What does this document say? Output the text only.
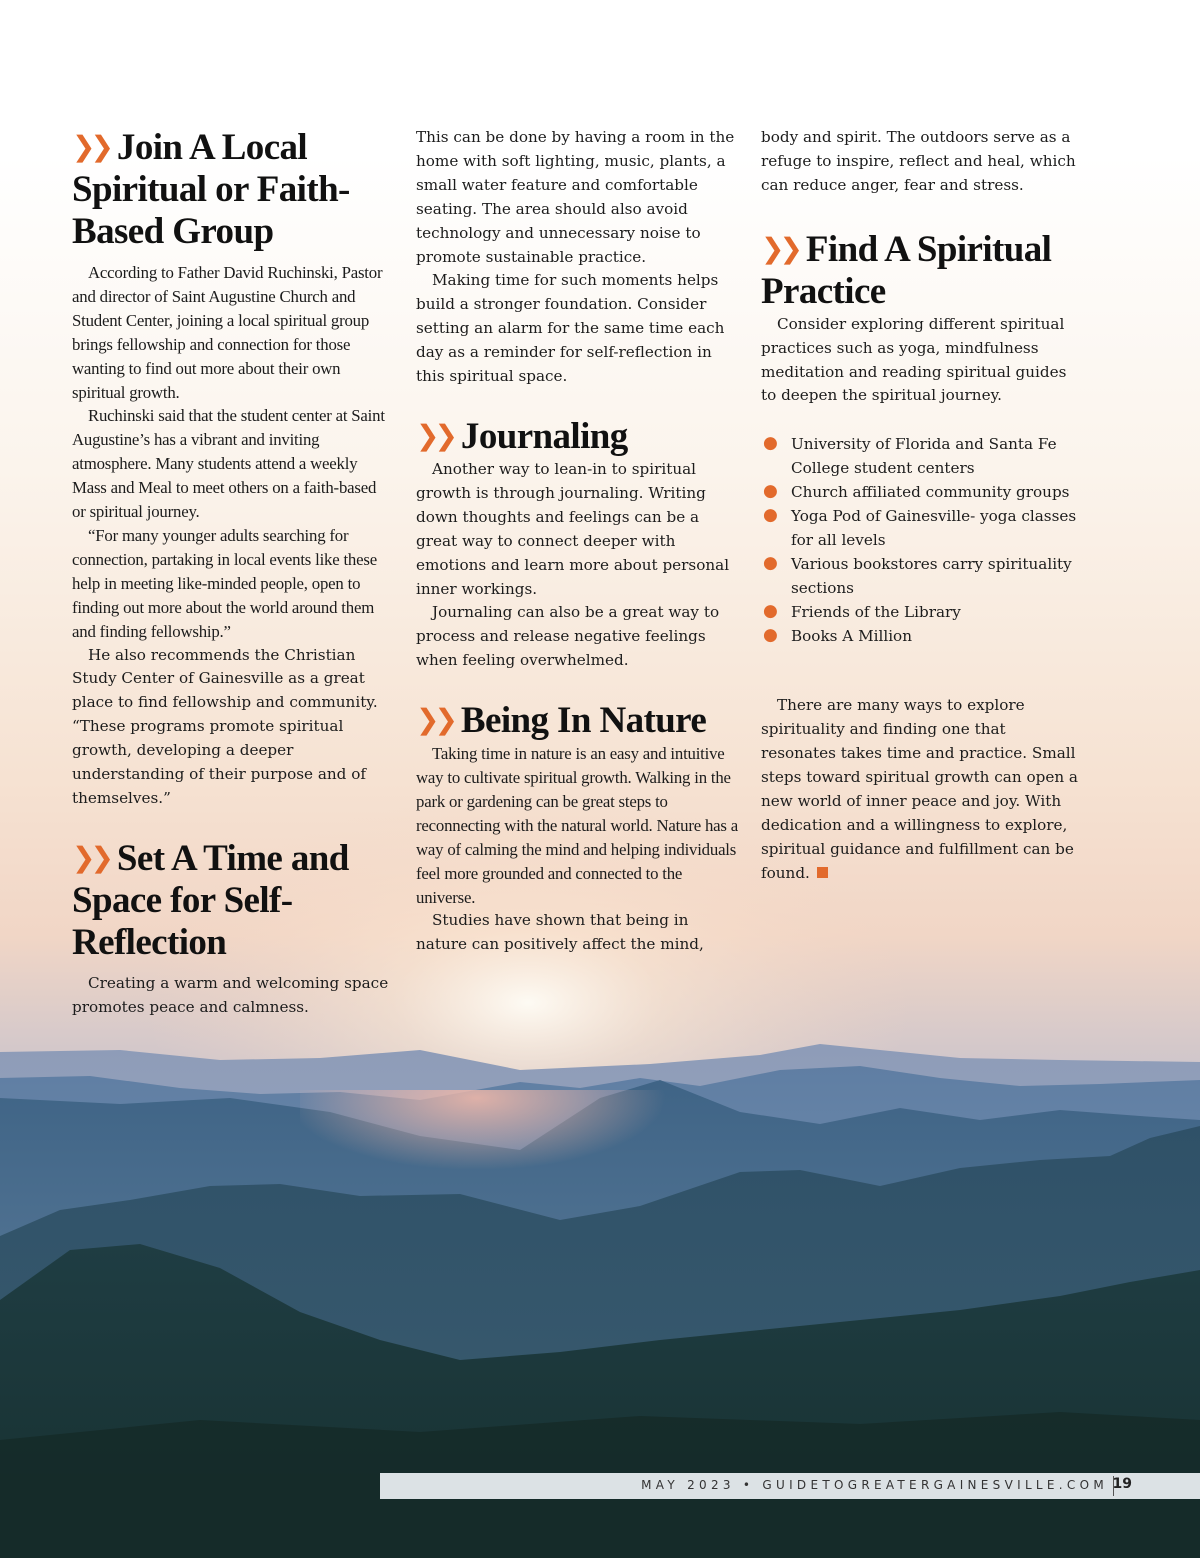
❯❯ Join A Local Spiritual or Faith-Based Group

According to Father David Ruchinski, Pastor and director of Saint Augustine Church and Student Center, joining a local spiritual group brings fellowship and connection for those wanting to find out more about their own spiritual growth.

Ruchinski said that the student center at Saint Augustine’s has a vibrant and inviting atmosphere. Many students attend a weekly Mass and Meal to meet others on a faith-based or spiritual journey.

“For many younger adults searching for connection, partaking in local events like these help in meeting like-minded people, open to finding out more about the world around them and finding fellowship.”

He also recommends the Christian Study Center of Gainesville as a great place to find fellowship and community. “These programs promote spiritual growth, developing a deeper understanding of their purpose and of themselves.”

❯❯ Set A Time and Space for Self-Reflection

Creating a warm and welcoming space promotes peace and calmness.

This can be done by having a room in the home with soft lighting, music, plants, a small water feature and comfortable seating. The area should also avoid technology and unnecessary noise to promote sustainable practice.

Making time for such moments helps build a stronger foundation. Consider setting an alarm for the same time each day as a reminder for self-reflection in this spiritual space.

❯❯ Journaling

Another way to lean-in to spiritual growth is through journaling. Writing down thoughts and feelings can be a great way to connect deeper with emotions and learn more about personal inner workings.

Journaling can also be a great way to process and release negative feelings when feeling overwhelmed.

❯❯ Being In Nature

Taking time in nature is an easy and intuitive way to cultivate spiritual growth. Walking in the park or gardening can be great steps to reconnecting with the natural world. Nature has a way of calming the mind and helping individuals feel more grounded and connected to the universe.

Studies have shown that being in nature can positively affect the mind,

body and spirit. The outdoors serve as a refuge to inspire, reflect and heal, which can reduce anger, fear and stress.

❯❯ Find A Spiritual Practice

Consider exploring different spiritual practices such as yoga, mindfulness meditation and reading spiritual guides to deepen the spiritual journey.

● University of Florida and Santa Fe College student centers
● Church affiliated community groups
● Yoga Pod of Gainesville- yoga classes for all levels
● Various bookstores carry spirituality sections
● Friends of the Library
● Books A Million

There are many ways to explore spirituality and finding one that resonates takes time and practice. Small steps toward spiritual growth can open a new world of inner peace and joy. With dedication and a willingness to explore, spiritual guidance and fulfillment can be found.

MAY 2023 • GUIDETOGREATERGAINESVILLE.COM 19
